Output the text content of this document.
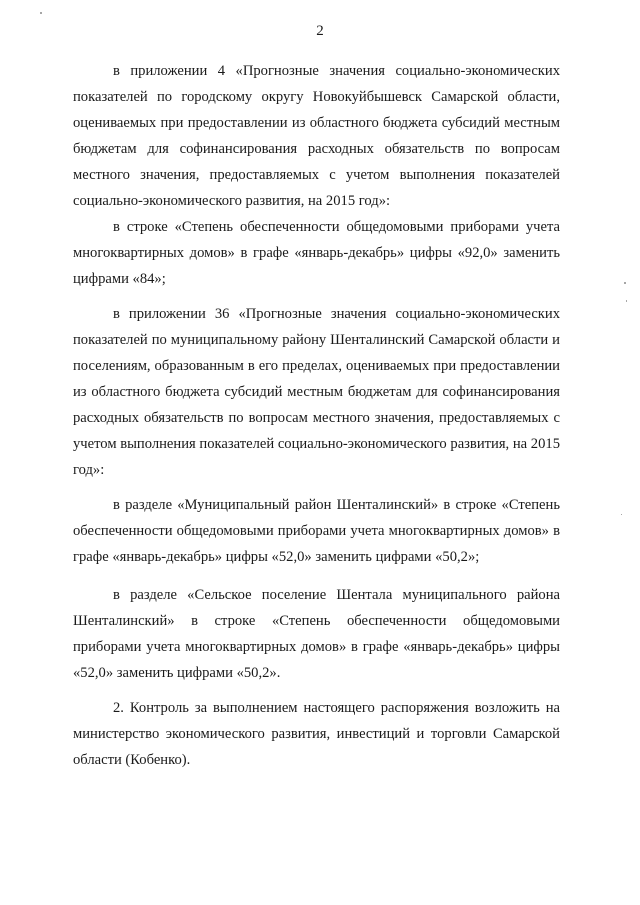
2

в приложении 4 «Прогнозные значения социально-экономических показателей по городскому округу Новокуйбышевск Самарской области, оцениваемых при предоставлении из областного бюджета субсидий местным бюджетам для софинансирования расходных обязательств по вопросам местного значения, предоставляемых с учетом выполнения показателей социально-экономического развития, на 2015 год»:

в строке «Степень обеспеченности общедомовыми приборами учета многоквартирных домов» в графе «январь-декабрь» цифры «92,0» заменить цифрами «84»;

в приложении 36 «Прогнозные значения социально-экономических показателей по муниципальному району Шенталинский Самарской области и поселениям, образованным в его пределах, оцениваемых при предоставлении из областного бюджета субсидий местным бюджетам для софинансирования расходных обязательств по вопросам местного значения, предоставляемых с учетом выполнения показателей социально-экономического развития, на 2015 год»:

в разделе «Муниципальный район Шенталинский» в строке «Степень обеспеченности общедомовыми приборами учета многоквартирных домов» в графе «январь-декабрь» цифры «52,0» заменить цифрами «50,2»;

в разделе «Сельское поселение Шентала муниципального района Шенталинский» в строке «Степень обеспеченности общедомовыми приборами учета многоквартирных домов» в графе «январь-декабрь» цифры «52,0» заменить цифрами «50,2».

2. Контроль за выполнением настоящего распоряжения возложить на министерство экономического развития, инвестиций и торговли Самарской области (Кобенко).
